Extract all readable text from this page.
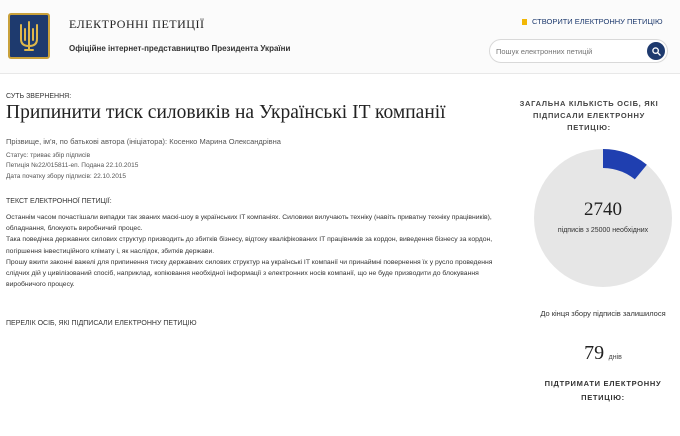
ЕЛЕКТРОННІ ПЕТИЦІЇ
Офіційне інтернет-представництво Президента України
СТВОРИТИ ЕЛЕКТРОННУ ПЕТИЦІЮ
Пошук електронних петицій
СУТЬ ЗВЕРНЕННЯ:
Припинити тиск силовиків на Українські IT компанії
Прізвище, ім'я, по батькові автора (ініціатора): Косенко Марина Олександрівна
Статус: триває збір підписів
Петиція №22/015811-еп. Подана 22.10.2015
Дата початку збору підписів: 22.10.2015
ТЕКСТ ЕЛЕКТРОННОЇ ПЕТИЦІЇ:

Останнім часом почастішали випадки так званих маскі-шоу в українських IT компаніях. Силовики вилучають техніку (навіть приватну техніку працівників), обладнання, блокують виробничий процес.

Така поведінка державних силових структур призводить до збитків бізнесу, відтоку кваліфікованих IT працівників за кордон, виведення бізнесу за кордон, погіршення інвестиційного клімату і, як наслідок, збитків держави.

Прошу вжити законні важелі для припинення тиску державних силових структур на українські IT компанії чи принаймні повернення їх у русло проведення слідчих дій у цивілізований спосіб, наприклад, копіювання необхідної інформації з електронних носів компанії, що не буде призводити до блокування виробничого процесу.

ПЕРЕЛІК ОСІБ, ЯКІ ПІДПИСАЛИ ЕЛЕКТРОННУ ПЕТИЦІЮ
ЗАГАЛЬНА КІЛЬКІСТЬ ОСІБ, ЯКІ ПІДПИСАЛИ ЕЛЕКТРОННУ ПЕТИЦІЮ:
2740
підписів з 25000 необхідних
До кінця збору підписів залишилося
79 днів
ПІДТРИМАТИ ЕЛЕКТРОННУ ПЕТИЦІЮ:
